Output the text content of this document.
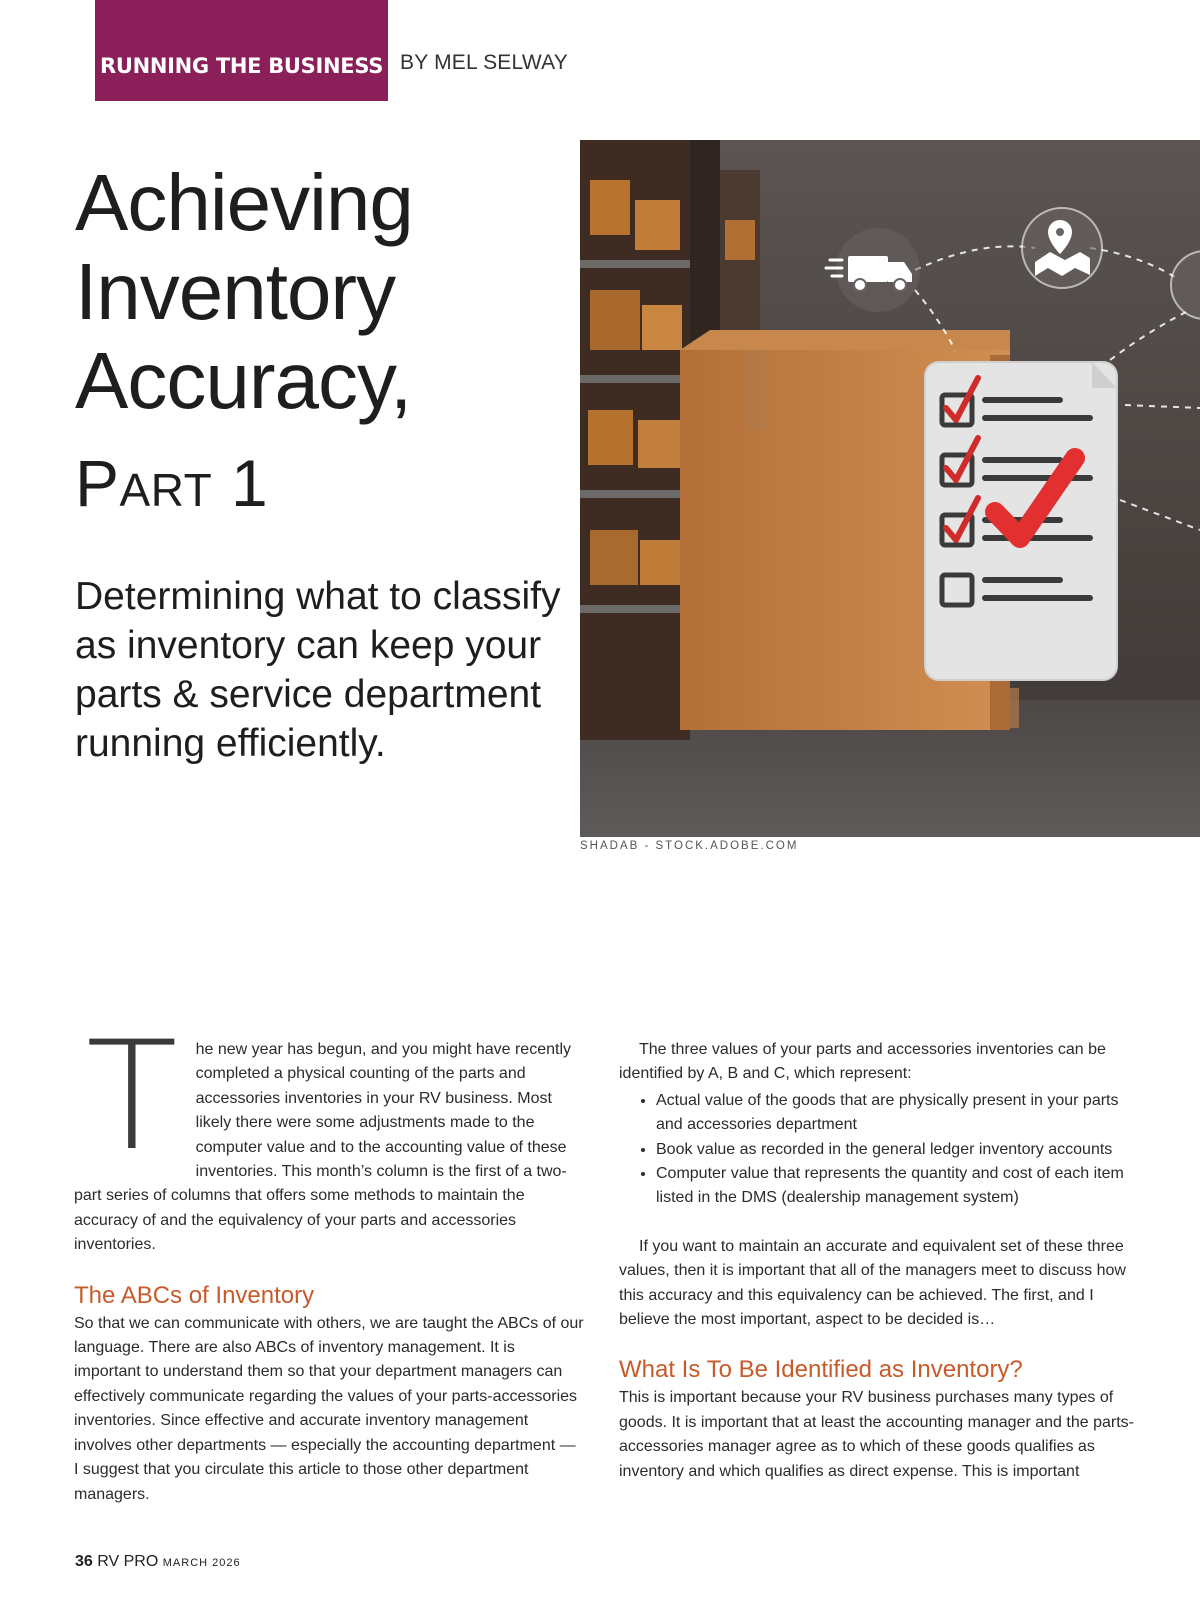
RUNNING THE BUSINESS BY MEL SELWAY
Achieving
Inventory
Accuracy,
Part 1
Determining what to classify as inventory can keep your parts & service department running efficiently.
SHADAB - STOCK.ADOBE.COM

T he new year has begun, and you might have recently completed a physical counting of the parts and accessories inventories in your RV business. Most likely there were some adjustments made to the computer value and to the accounting value of these inventories. This month’s column is the first of a two-part series of columns that offers some methods to maintain the accuracy of and the equivalency of your parts and accessories inventories.

The ABCs of Inventory

So that we can communicate with others, we are taught the ABCs of our language. There are also ABCs of inventory management. It is important to understand them so that your department managers can effectively communicate regarding the values of your parts-accessories inventories. Since effective and accurate inventory management involves other departments — especially the accounting department — I suggest that you circulate this article to those other department managers.

The three values of your parts and accessories inventories can be identified by A, B and C, which represent:

• Actual value of the goods that are physically present in your parts and accessories department
• Book value as recorded in the general ledger inventory accounts
• Computer value that represents the quantity and cost of each item listed in the DMS (dealership management system)

If you want to maintain an accurate and equivalent set of these three values, then it is important that all of the managers meet to discuss how this accuracy and this equivalency can be achieved. The first, and I believe the most important, aspect to be decided is…

What Is To Be Identified as Inventory?

This is important because your RV business purchases many types of goods. It is important that at least the accounting manager and the parts-accessories manager agree as to which of these goods qualifies as inventory and which qualifies as direct expense. This is important

36 RV PRO MARCH 2026
